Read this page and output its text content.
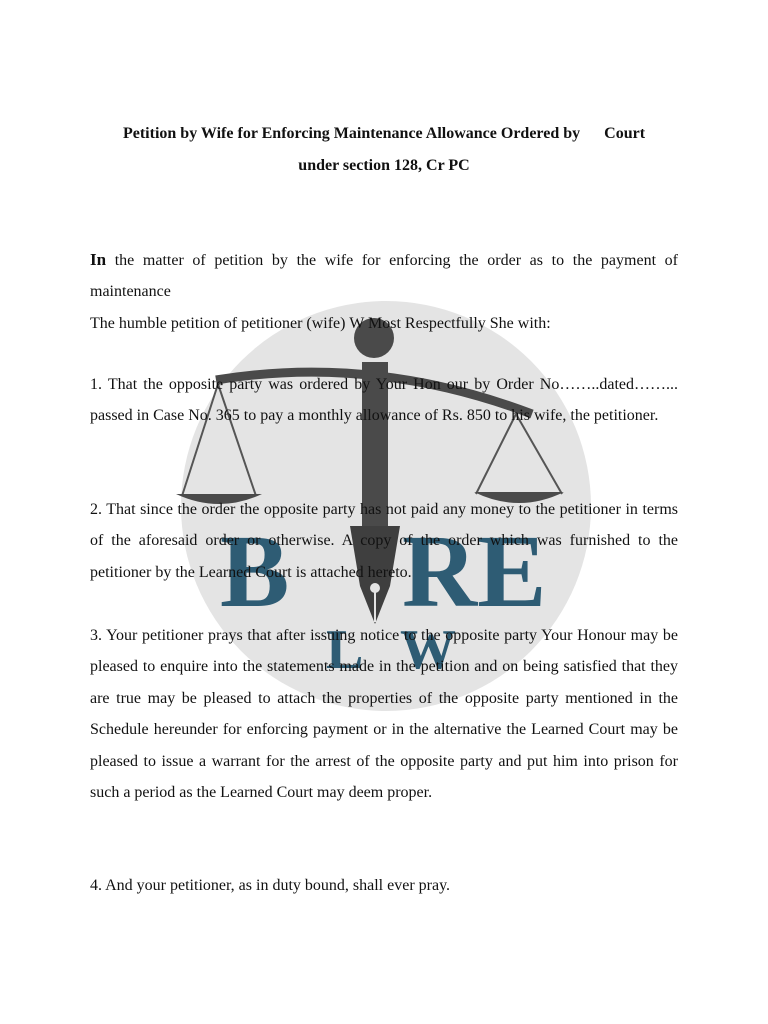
B RE
L W
Petition by Wife for Enforcing Maintenance Allowance Ordered by      Court
under section 128, Cr PC

In the matter of petition by the wife for enforcing the order as to the payment of maintenance

The humble petition of petitioner (wife) W Most Respectfully She with:

1. That the opposite party was ordered by Your Hon our by Order No……..dated……... passed in Case No. 365 to pay a monthly allowance of Rs. 850 to his wife, the petitioner.

2. That since the order the opposite party has not paid any money to the petitioner in terms of the aforesaid order or otherwise. A copy of the order which was furnished to the petitioner by the Learned Court is attached hereto.

3. Your petitioner prays that after issuing notice to the opposite party Your Honour may be pleased to enquire into the statements made in the petition and on being satisfied that they are true may be pleased to attach the properties of the opposite party mentioned in the Schedule hereunder for enforcing payment or in the alternative the Learned Court may be pleased to issue a warrant for the arrest of the opposite party and put him into prison for such a period as the Learned Court may deem proper.

4. And your petitioner, as in duty bound, shall ever pray.
